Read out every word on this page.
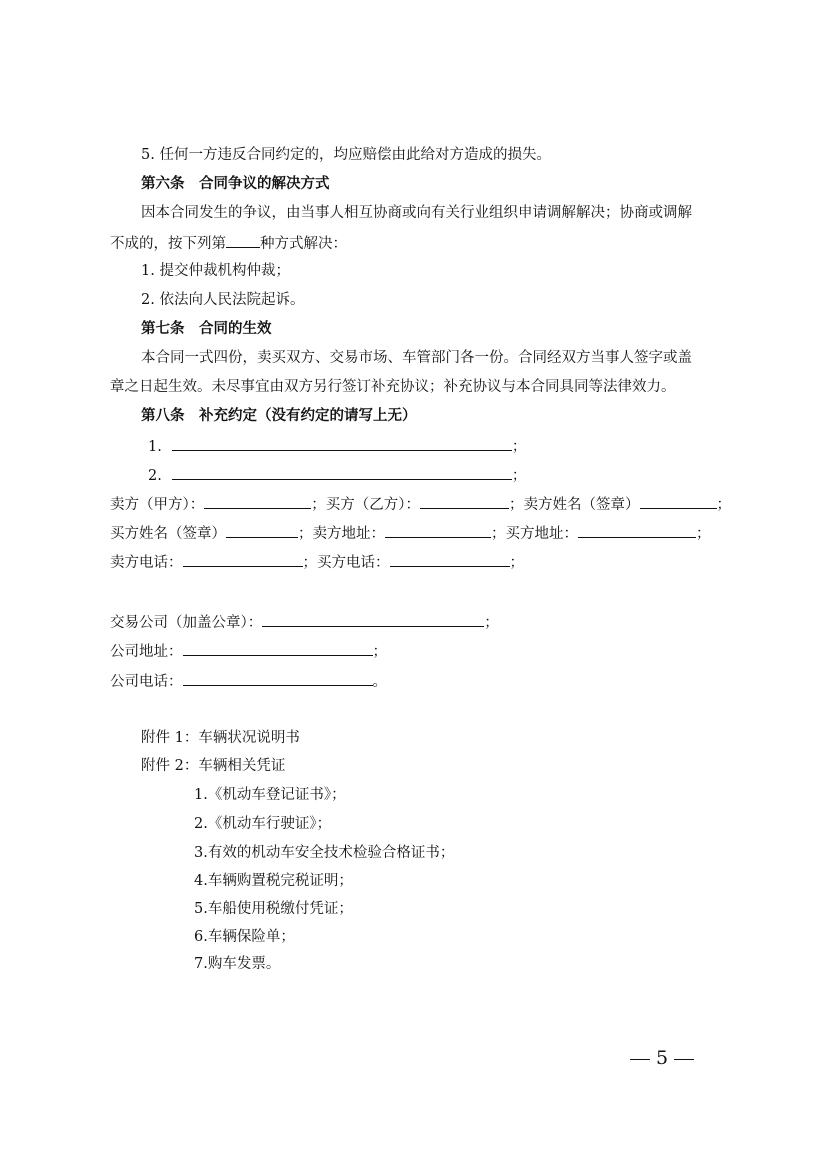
5. 任何一方违反合同约定的，均应赔偿由此给对方造成的损失。
第六条　合同争议的解决方式
因本合同发生的争议，由当事人相互协商或向有关行业组织申请调解解决；协商或调解
不成的，按下列第 种方式解决：
1. 提交仲裁机构仲裁；
2. 依法向人民法院起诉。
第七条　合同的生效
本合同一式四份，卖买双方、交易市场、车管部门各一份。合同经双方当事人签字或盖
章之日起生效。未尽事宜由双方另行签订补充协议；补充协议与本合同具同等法律效力。
第八条　补充约定（没有约定的请写上无）
1.	；
2.	；
卖方（甲方）：	；买方（乙方）：	；卖方姓名（签章）	；
买方姓名（签章）	；卖方地址：	；买方地址：	；
卖方电话：	；买方电话：	；
交易公司（加盖公章）：	；
公司地址：	；
公司电话：	。
附件 1：车辆状况说明书
附件 2：车辆相关凭证
1.《机动车登记证书》；
2.《机动车行驶证》；
3.有效的机动车安全技术检验合格证书；
4.车辆购置税完税证明；
5.车船使用税缴付凭证；
6.车辆保险单；
7.购车发票。
5
